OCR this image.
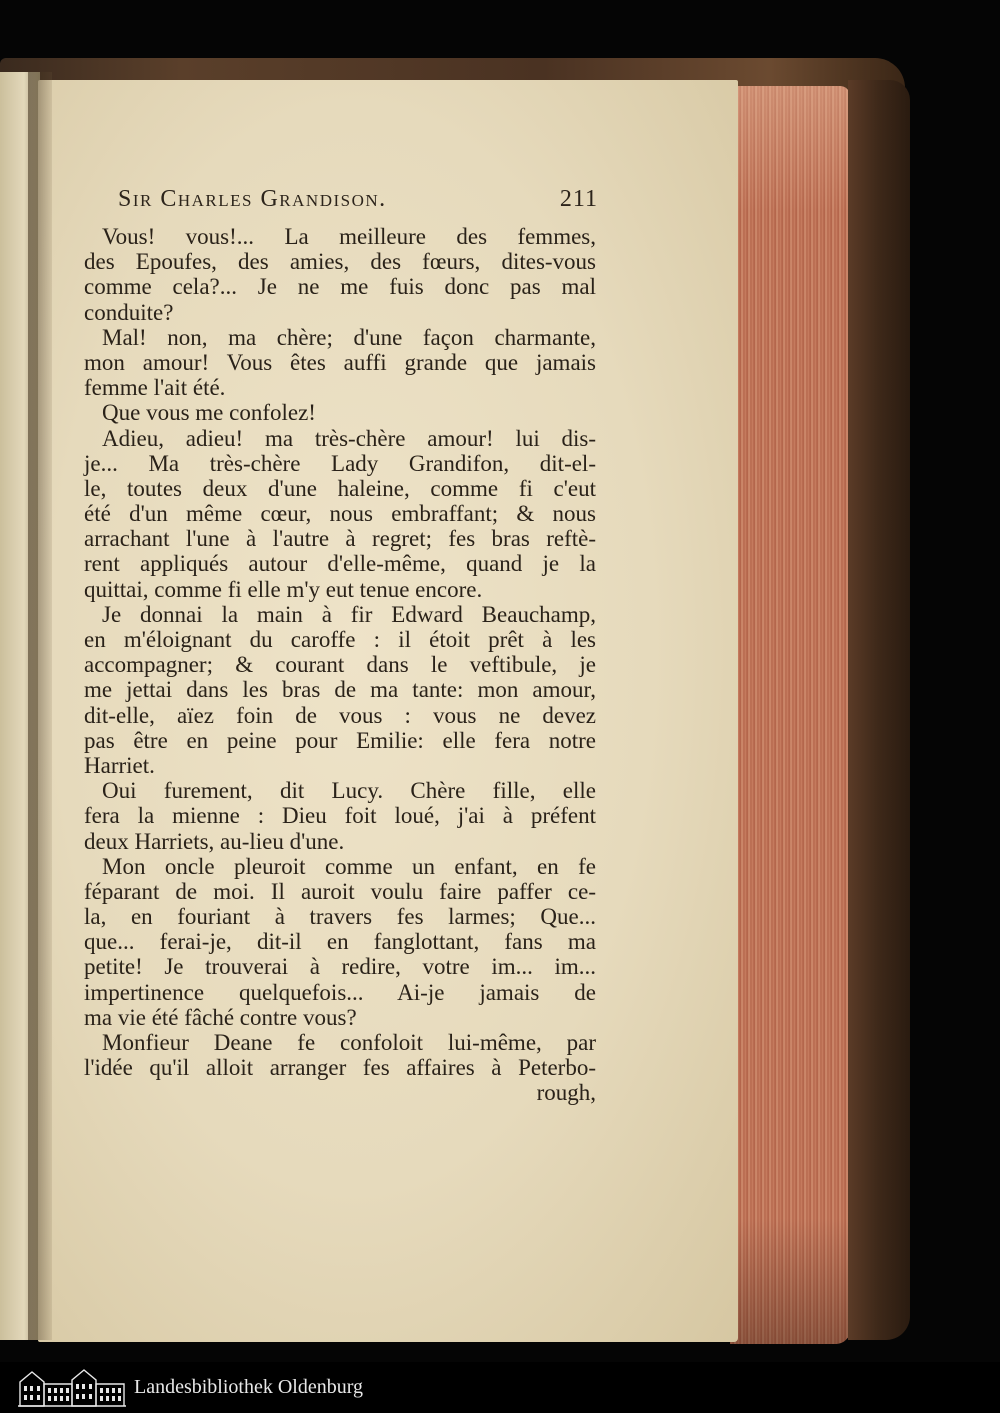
Sir Charles Grandison.	211
Vous! vous!... La meilleure des femmes,
des Epoufes, des amies, des fœurs, dites-vous
comme cela?... Je ne me fuis donc pas mal
conduite?
Mal! non, ma chère; d'une façon charmante,
mon amour! Vous êtes auffi grande que jamais
femme l'ait été.
Que vous me confolez!
Adieu, adieu! ma très-chère amour! lui dis-
je... Ma très-chère Lady Grandifon, dit-el-
le, toutes deux d'une haleine, comme fi c'eut
été d'un même cœur, nous embraffant; & nous
arrachant l'une à l'autre à regret; fes bras reftè-
rent appliqués autour d'elle-même, quand je la
quittai, comme fi elle m'y eut tenue encore.
Je donnai la main à fir Edward Beauchamp,
en m'éloignant du caroffe : il étoit prêt à les
accompagner; & courant dans le veftibule, je
me jettai dans les bras de ma tante: mon amour,
dit-elle, aïez foin de vous : vous ne devez
pas être en peine pour Emilie: elle fera notre
Harriet.
Oui furement, dit Lucy. Chère fille, elle
fera la mienne : Dieu foit loué, j'ai à préfent
deux Harriets, au-lieu d'une.
Mon oncle pleuroit comme un enfant, en fe
féparant de moi. Il auroit voulu faire paffer ce-
la, en fouriant à travers fes larmes; Que...
que... ferai-je, dit-il en fanglottant, fans ma
petite! Je trouverai à redire, votre im... im...
impertinence quelquefois... Ai-je jamais de
ma vie été fâché contre vous?
Monfieur Deane fe confoloit lui-même, par
l'idée qu'il alloit arranger fes affaires à Peterbo-
rough,
Landesbibliothek Oldenburg
